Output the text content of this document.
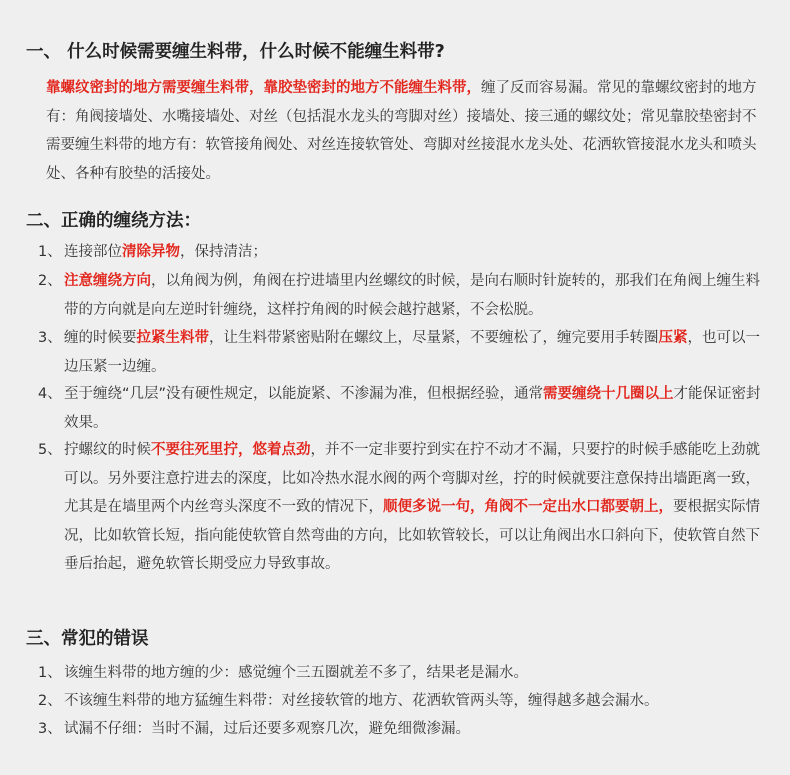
一、 什么时候需要缠生料带，什么时候不能缠生料带?
靠螺纹密封的地方需要缠生料带，靠胶垫密封的地方不能缠生料带，缠了反而容易漏。常见的靠螺纹密封的地方有：角阀接墙处、水嘴接墙处、对丝（包括混水龙头的弯脚对丝）接墙处、接三通的螺纹处；常见靠胶垫密封不需要缠生料带的地方有：软管接角阀处、对丝连接软管处、弯脚对丝接混水龙头处、花洒软管接混水龙头和喷头处、各种有胶垫的活接处。
二、正确的缠绕方法：
1、 连接部位清除异物，保持清洁；
2、 注意缠绕方向，以角阀为例，角阀在拧进墙里内丝螺纹的时候，是向右顺时针旋转的，那我们在角阀上缠生料带的方向就是向左逆时针缠绕，这样拧角阀的时候会越拧越紧，不会松脱。
3、 缠的时候要拉紧生料带，让生料带紧密贴附在螺纹上，尽量紧，不要缠松了，缠完要用手转圈压紧，也可以一边压紧一边缠。
4、 至于缠绕“几层”没有硬性规定，以能旋紧、不渗漏为准，但根据经验，通常需要缠绕十几圈以上才能保证密封效果。
5、 拧螺纹的时候不要往死里拧，悠着点劲，并不一定非要拧到实在拧不动才不漏，只要拧的时候手感能吃上劲就可以。另外要注意拧进去的深度，比如冷热水混水阀的两个弯脚对丝，拧的时候就要注意保持出墙距离一致，尤其是在墙里两个内丝弯头深度不一致的情况下，顺便多说一句，角阀不一定出水口都要朝上，要根据实际情况，比如软管长短，指向能使软管自然弯曲的方向，比如软管较长，可以让角阀出水口斜向下，使软管自然下垂后抬起，避免软管长期受应力导致事故。
三、常犯的错误
1、 该缠生料带的地方缠的少：感觉缠个三五圈就差不多了，结果老是漏水。
2、 不该缠生料带的地方猛缠生料带：对丝接软管的地方、花洒软管两头等，缠得越多越会漏水。
3、 试漏不仔细：当时不漏，过后还要多观察几次，避免细微渗漏。
